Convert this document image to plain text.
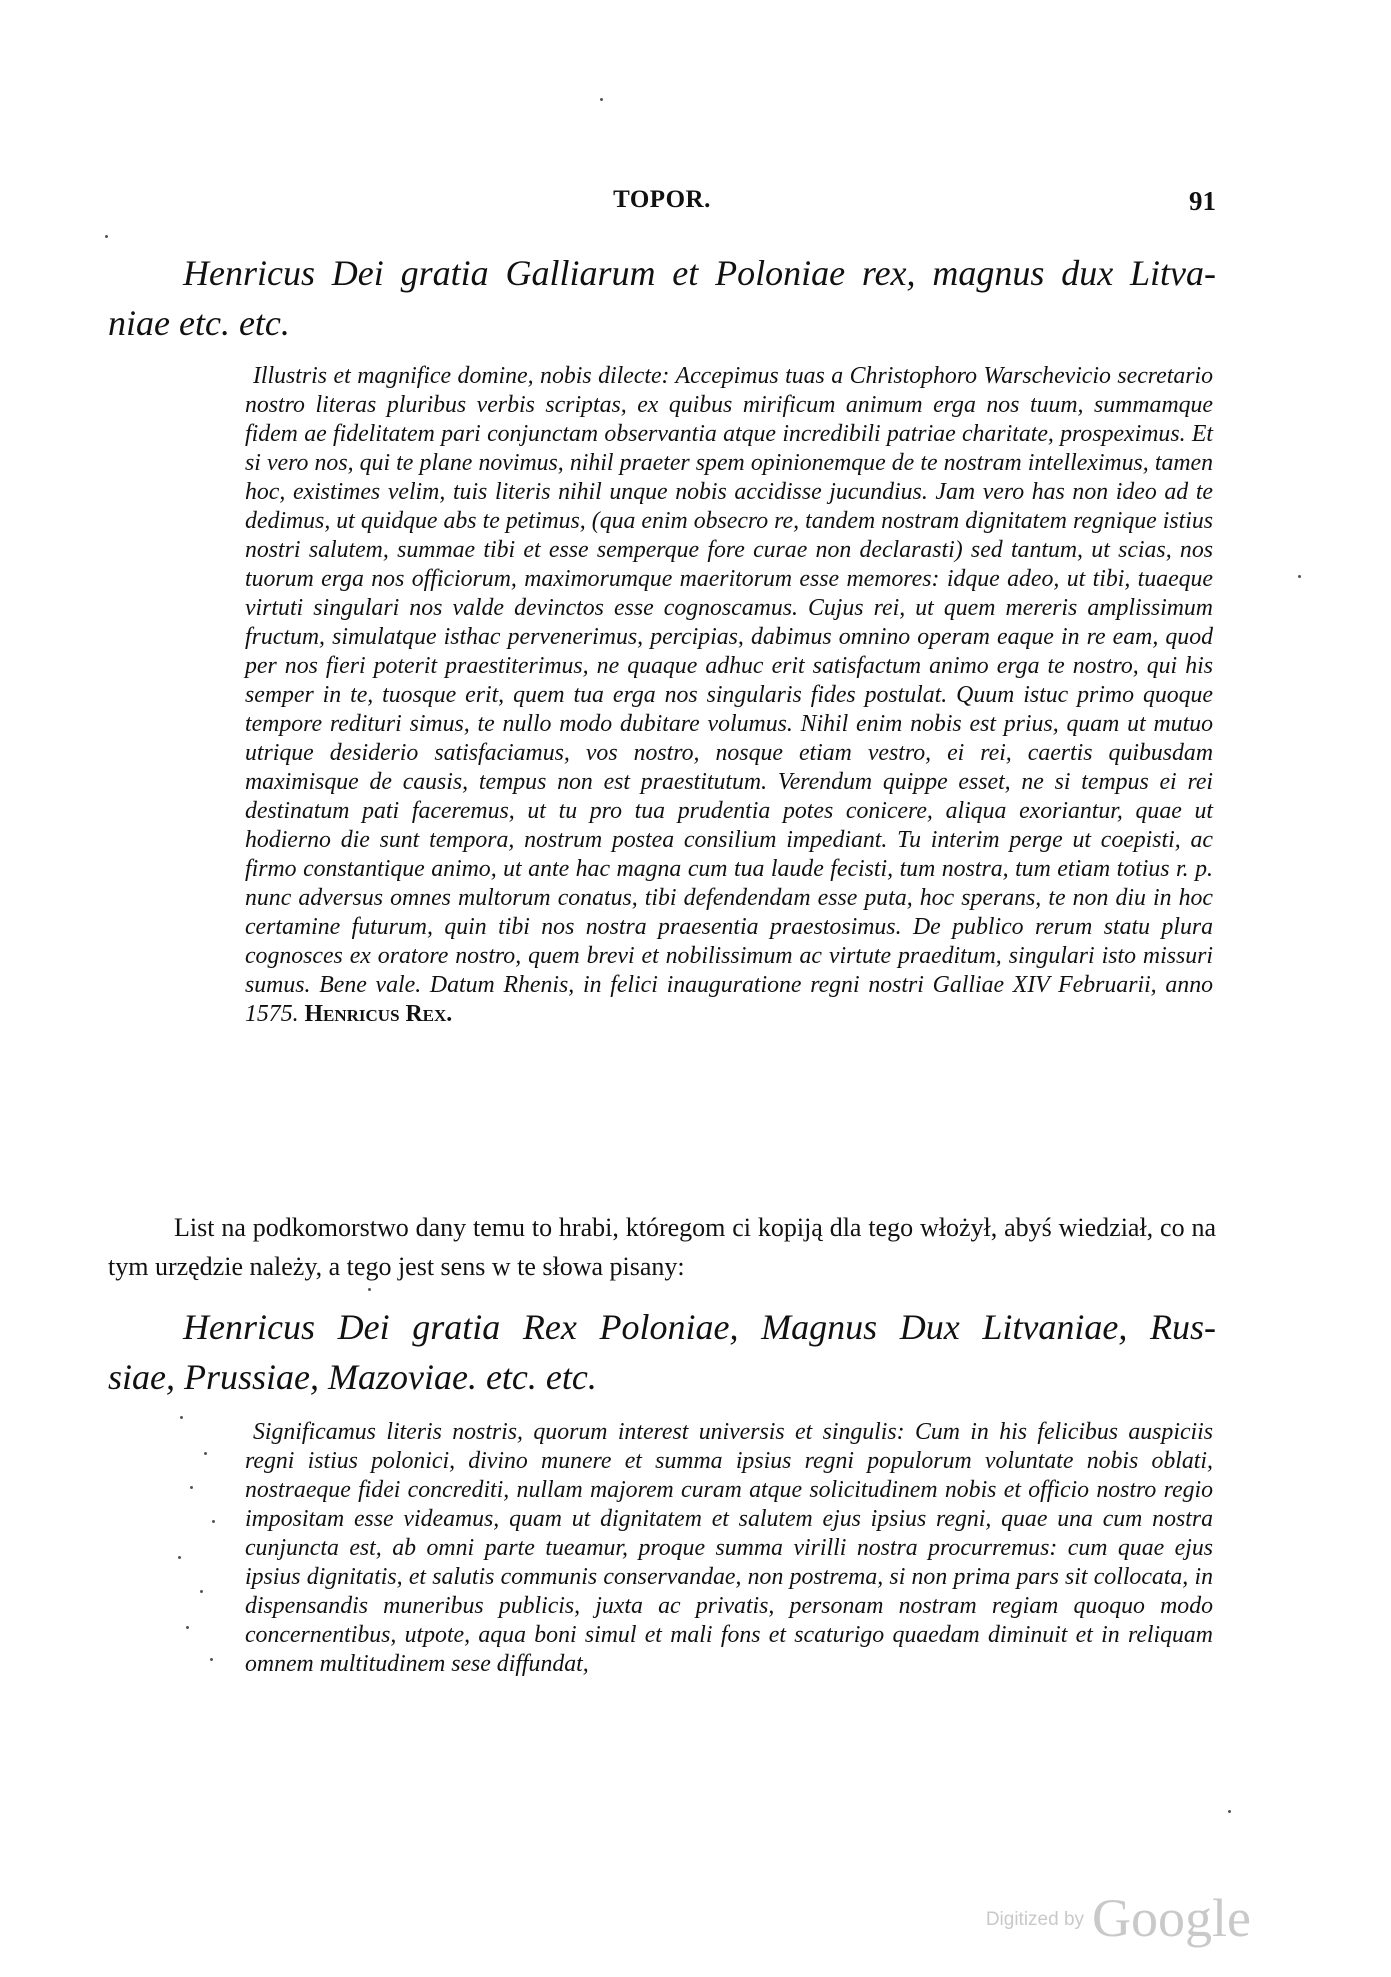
TOPOR.	91
Henricus Dei gratia Galliarum et Poloniae rex, magnus dux Litva-
niae etc. etc.

Illustris et magnifice domine, nobis dilecte: Accepimus tuas a Christophoro Warschevicio secretario nostro literas pluribus verbis scriptas, ex quibus mirificum animum erga nos tuum, summamque fidem ae fidelitatem pari conjunctam observantia atque incredibili patriae charitate, prospeximus. Et si vero nos, qui te plane novimus, nihil praeter spem opinionemque de te nostram intelleximus, tamen hoc, existimes velim, tuis literis nihil unque nobis accidisse jucundius. Jam vero has non ideo ad te dedimus, ut quidque abs te petimus, (qua enim obsecro re, tandem nostram dignitatem regnique istius nostri salutem, summae tibi et esse semperque fore curae non declarasti) sed tantum, ut scias, nos tuorum erga nos officiorum, maximorumque maeritorum esse memores: idque adeo, ut tibi, tuaeque virtuti singulari nos valde devinctos esse cognoscamus. Cujus rei, ut quem mereris amplissimum fructum, simulatque isthac pervenerimus, percipias, dabimus omnino operam eaque in re eam, quod per nos fieri poterit praestiterimus, ne quaque adhuc erit satisfactum animo erga te nostro, qui his semper in te, tuosque erit, quem tua erga nos singularis fides postulat. Quum istuc primo quoque tempore redituri simus, te nullo modo dubitare volumus. Nihil enim nobis est prius, quam ut mutuo utrique desiderio satisfaciamus, vos nostro, nosque etiam vestro, ei rei, caertis quibusdam maximisque de causis, tempus non est praestitutum. Verendum quippe esset, ne si tempus ei rei destinatum pati faceremus, ut tu pro tua prudentia potes conicere, aliqua exoriantur, quae ut hodierno die sunt tempora, nostrum postea consilium impediant. Tu interim perge ut coepisti, ac firmo constantique animo, ut ante hac magna cum tua laude fecisti, tum nostra, tum etiam totius r. p. nunc adversus omnes multorum conatus, tibi defendendam esse puta, hoc sperans, te non diu in hoc certamine futurum, quin tibi nos nostra praesentia praestosimus. De publico rerum statu plura cognosces ex oratore nostro, quem brevi et nobilissimum ac virtute praeditum, singulari isto missuri sumus. Bene vale. Datum Rhenis, in felici inauguratione regni nostri Galliae XIV Februarii, anno 1575. Henricus Rex.

List na podkomorstwo dany temu to hrabi, któregom ci kopiją dla tego włożył, abyś wiedział, co na tym urzędzie należy, a tego jest sens w te słowa pisany:

Henricus Dei gratia Rex Poloniae, Magnus Dux Litvaniae, Rus-
siae, Prussiae, Mazoviae. etc. etc.

Significamus literis nostris, quorum interest universis et singulis: Cum in his felicibus auspiciis regni istius polonici, divino munere et summa ipsius regni populorum voluntate nobis oblati, nostraeque fidei concrediti, nullam majorem curam atque solicitudinem nobis et officio nostro regio impositam esse videamus, quam ut dignitatem et salutem ejus ipsius regni, quae una cum nostra cunjuncta est, ab omni parte tueamur, proque summa virilli nostra procurremus: cum quae ejus ipsius dignitatis, et salutis communis conservandae, non postrema, si non prima pars sit collocata, in dispensandis muneribus publicis, juxta ac privatis, personam nostram regiam quoquo modo concernentibus, utpote, aqua boni simul et mali fons et scaturigo quaedam diminuit et in reliquam omnem multitudinem sese diffundat,

Digitized by Google
